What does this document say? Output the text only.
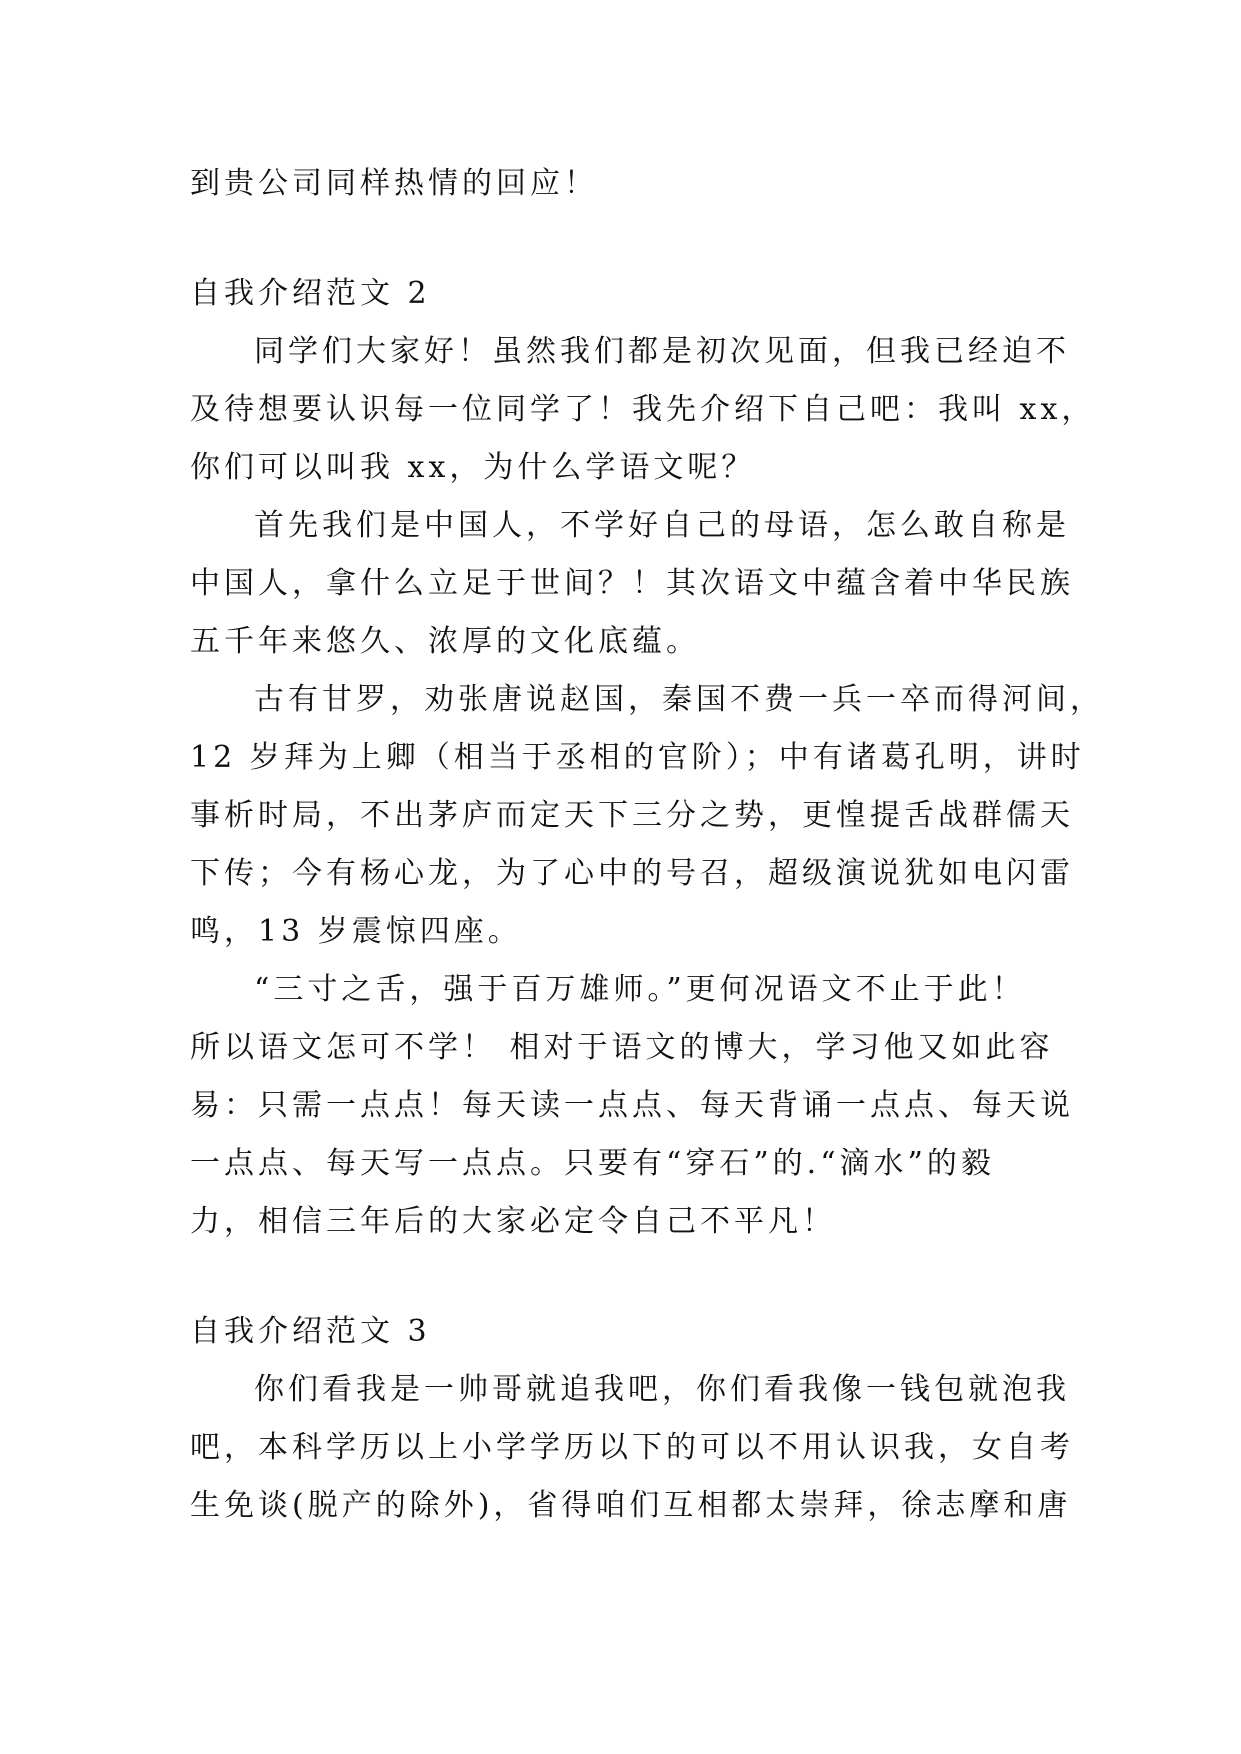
到贵公司同样热情的回应！
自我介绍范文 2
同学们大家好！虽然我们都是初次见面，但我已经迫不
及待想要认识每一位同学了！我先介绍下自己吧：我叫 xx，
你们可以叫我 xx，为什么学语文呢？
首先我们是中国人，不学好自己的母语，怎么敢自称是
中国人，拿什么立足于世间？！其次语文中蕴含着中华民族
五千年来悠久、浓厚的文化底蕴。
古有甘罗，劝张唐说赵国，秦国不费一兵一卒而得河间，
12 岁拜为上卿（相当于丞相的官阶）；中有诸葛孔明，讲时
事析时局，不出茅庐而定天下三分之势，更惶提舌战群儒天
下传；今有杨心龙，为了心中的号召，超级演说犹如电闪雷
鸣，13 岁震惊四座。
“三寸之舌，强于百万雄师。”更何况语文不止于此！
所以语文怎可不学！ 相对于语文的博大，学习他又如此容
易：只需一点点！每天读一点点、每天背诵一点点、每天说
一点点、每天写一点点。只要有“穿石”的.“滴水”的毅
力，相信三年后的大家必定令自己不平凡！
自我介绍范文 3
你们看我是一帅哥就追我吧，你们看我像一钱包就泡我
吧，本科学历以上小学学历以下的可以不用认识我，女自考
生免谈(脱产的除外)，省得咱们互相都太崇拜，徐志摩和唐
